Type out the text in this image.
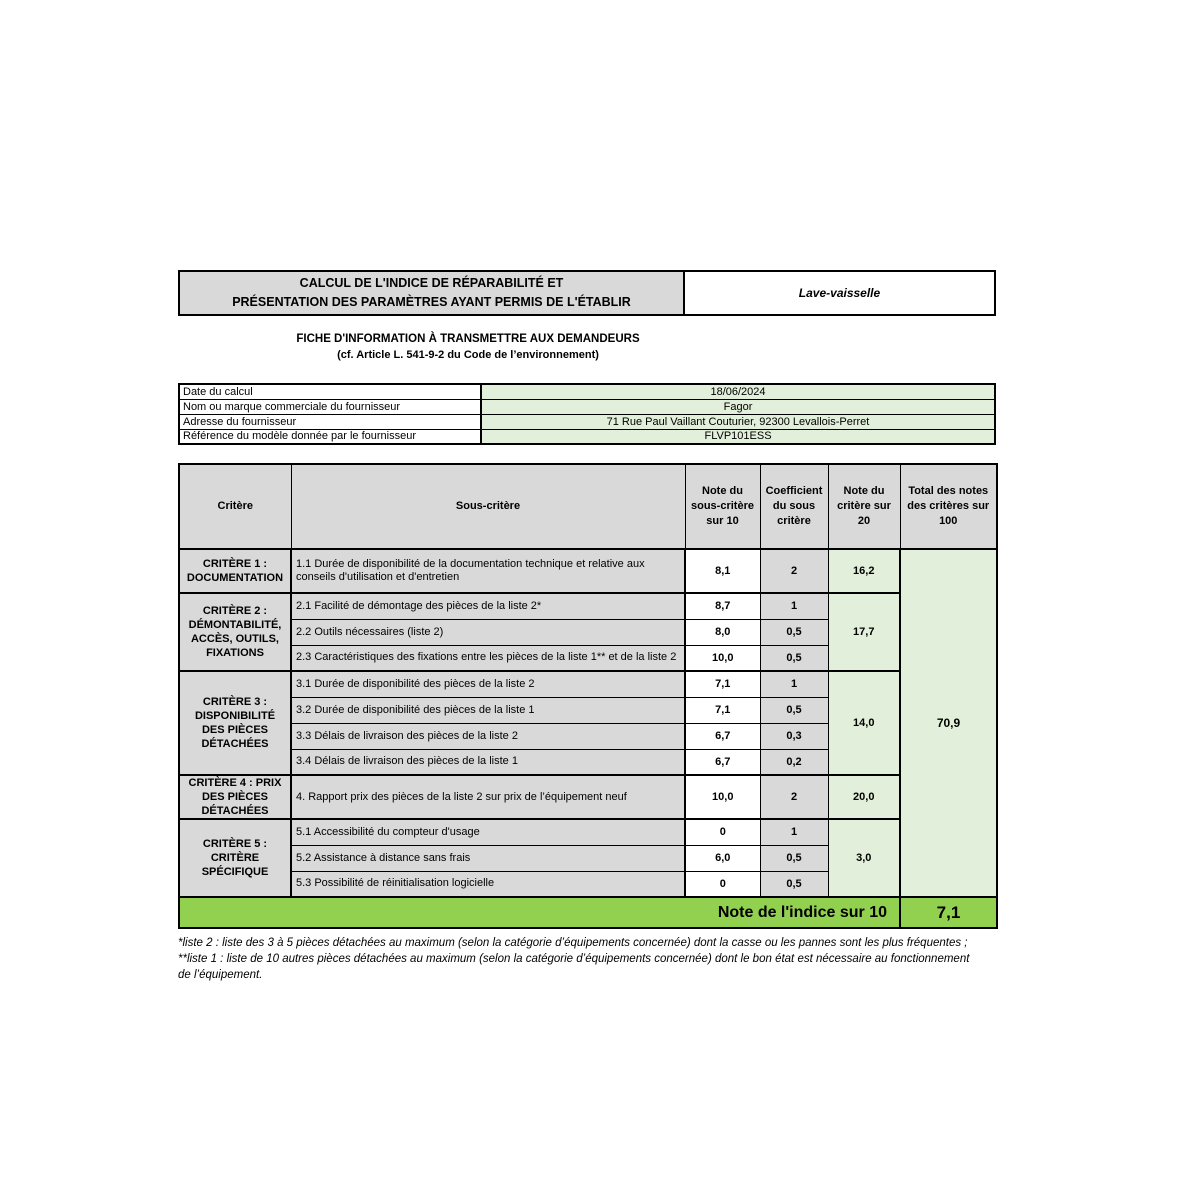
CALCUL DE L'INDICE DE RÉPARABILITÉ ET
PRÉSENTATION DES PARAMÈTRES AYANT PERMIS DE L'ÉTABLIR
Lave-vaisselle
FICHE D'INFORMATION À TRANSMETTRE AUX DEMANDEURS
(cf. Article L. 541-9-2 du Code de l’environnement)
Date du calcul	18/06/2024
Nom ou marque commerciale du fournisseur	Fagor
Adresse du fournisseur	71 Rue Paul Vaillant Couturier, 92300 Levallois-Perret
Référence du modèle donnée par le fournisseur	FLVP101ESS
Critère	Sous-critère	Note du sous-critère sur 10	Coefficient du sous critère	Note du critère sur 20	Total des notes des critères sur 100
CRITÈRE 1 : DOCUMENTATION	1.1 Durée de disponibilité de la documentation technique et relative aux conseils d'utilisation et d'entretien	8,1	2	16,2	70,9
CRITÈRE 2 : DÉMONTABILITÉ, ACCÈS, OUTILS, FIXATIONS	2.1 Facilité de démontage des pièces de la liste 2*	8,7	1	17,7	
	2.2 Outils nécessaires (liste 2)	8,0	0,5		
	2.3 Caractéristiques des fixations entre les pièces de la liste 1** et de la liste 2	10,0	0,5		
CRITÈRE 3 : DISPONIBILITÉ DES PIÈCES DÉTACHÉES	3.1 Durée de disponibilité des pièces de la liste 2	7,1	1	14,0	
	3.2 Durée de disponibilité des pièces de la liste 1	7,1	0,5		
	3.3 Délais de livraison des pièces de la liste 2	6,7	0,3		
	3.4 Délais de livraison des pièces de la liste 1	6,7	0,2		
CRITÈRE 4 : PRIX DES PIÈCES DÉTACHÉES	4. Rapport prix des pièces de la liste 2 sur prix de l’équipement neuf	10,0	2	20,0	
CRITÈRE 5 : CRITÈRE SPÉCIFIQUE	5.1 Accessibilité du compteur d'usage	0	1	3,0	
	5.2 Assistance à distance sans frais	6,0	0,5		
	5.3 Possibilité de réinitialisation logicielle	0	0,5		
Note de l'indice sur 10					7,1
*liste 2 : liste des 3 à 5 pièces détachées au maximum (selon la catégorie d’équipements concernée) dont la casse ou les pannes sont les plus fréquentes ;
**liste 1 : liste de 10 autres pièces détachées au maximum (selon la catégorie d’équipements concernée) dont le bon état est nécessaire au fonctionnement de l’équipement.
